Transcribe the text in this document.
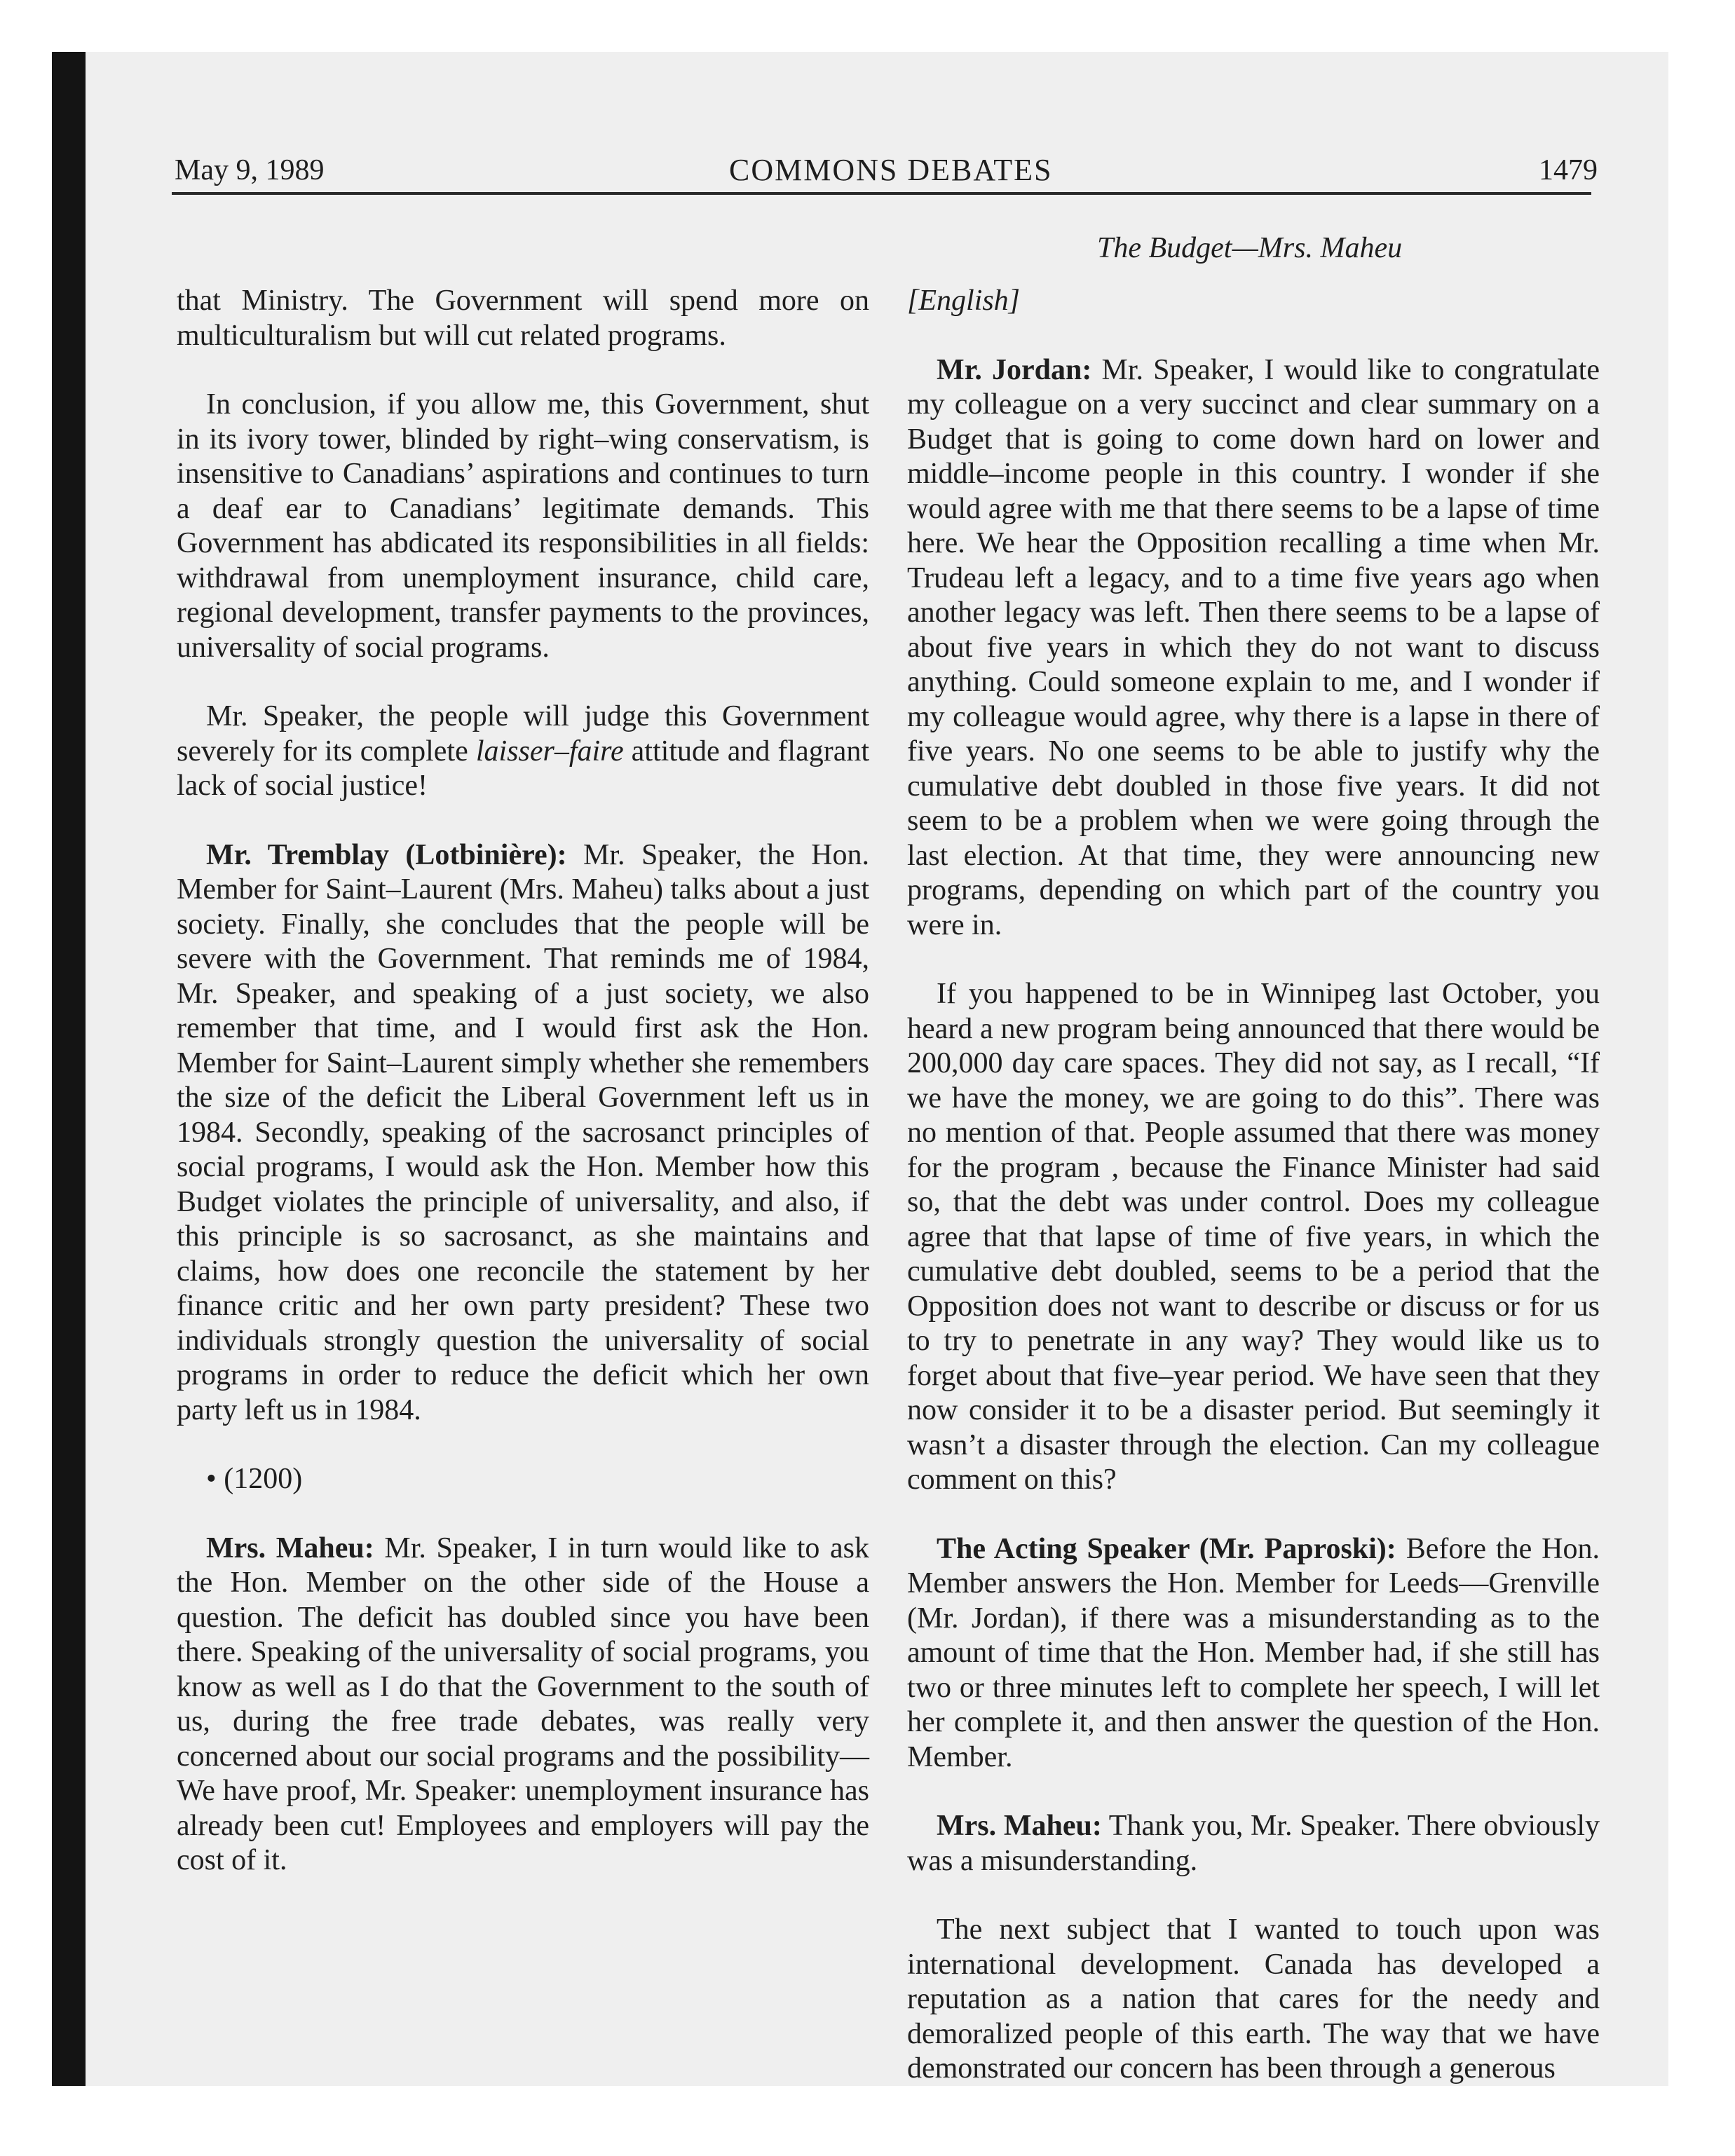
May 9, 1989	COMMONS DEBATES
The Budget—Mrs. Maheu

that Ministry. The Government will spend more on multiculturalism but will cut related programs.

In conclusion, if you allow me, this Government, shut in its ivory tower, blinded by right–wing conservatism, is insensitive to Canadians’ aspirations and continues to turn a deaf ear to Canadians’ legitimate demands. This Government has abdicated its responsibilities in all fields: withdrawal from unemployment insurance, child care, regional development, transfer payments to the provinces, universality of social programs.

Mr. Speaker, the people will judge this Government severely for its complete laisser–faire attitude and flagrant lack of social justice!

Mr. Tremblay (Lotbinière): Mr. Speaker, the Hon. Member for Saint–Laurent (Mrs. Maheu) talks about a just society. Finally, she concludes that the people will be severe with the Government. That reminds me of 1984, Mr. Speaker, and speaking of a just society, we also remember that time, and I would first ask the Hon. Member for Saint–Laurent simply whether she remembers the size of the deficit the Liberal Government left us in 1984. Secondly, speaking of the sacrosanct principles of social programs, I would ask the Hon. Member how this Budget violates the principle of universality, and also, if this principle is so sacrosanct, as she maintains and claims, how does one reconcile the statement by her finance critic and her own party president? These two individuals strongly question the universality of social programs in order to reduce the deficit which her own party left us in 1984.

• (1200)

Mrs. Maheu: Mr. Speaker, I in turn would like to ask the Hon. Member on the other side of the House a question. The deficit has doubled since you have been there. Speaking of the universality of social programs, you know as well as I do that the Government to the south of us, during the free trade debates, was really very concerned about our social programs and the possibility— We have proof, Mr. Speaker: unemployment insurance has already been cut! Employees and employers will pay the cost of it.

[English]

Mr. Jordan: Mr. Speaker, I would like to congratulate my colleague on a very succinct and clear summary on a Budget that is going to come down hard on lower and middle–income people in this country. I wonder if she would agree with me that there seems to be a lapse of time here. We hear the Opposition recalling a time when Mr. Trudeau left a legacy, and to a time five years ago when another legacy was left. Then there seems to be a lapse of about five years in which they do not want to discuss anything. Could someone explain to me, and I wonder if my colleague would agree, why there is a lapse in there of five years. No one seems to be able to justify why the cumulative debt doubled in those five years. It did not seem to be a problem when we were going through the last election. At that time, they were announcing new programs, depending on which part of the country you were in.

If you happened to be in Winnipeg last October, you heard a new program being announced that there would be 200,000 day care spaces. They did not say, as I recall, “If we have the money, we are going to do this”. There was no mention of that. People assumed that there was money for the program , because the Finance Minister had said so, that the debt was under control. Does my colleague agree that that lapse of time of five years, in which the cumulative debt doubled, seems to be a period that the Opposition does not want to describe or discuss or for us to try to penetrate in any way? They would like us to forget about that five–year period. We have seen that they now consider it to be a disaster period. But seemingly it wasn’t a disaster through the election. Can my colleague comment on this?

The Acting Speaker (Mr. Paproski): Before the Hon. Member answers the Hon. Member for Leeds—Grenville (Mr. Jordan), if there was a misunderstanding as to the amount of time that the Hon. Member had, if she still has two or three minutes left to complete her speech, I will let her complete it, and then answer the question of the Hon. Member.

Mrs. Maheu: Thank you, Mr. Speaker. There obviously was a misunderstanding.

The next subject that I wanted to touch upon was international development. Canada has developed a reputation as a nation that cares for the needy and demoralized people of this earth. The way that we have demonstrated our concern has been through a generous
